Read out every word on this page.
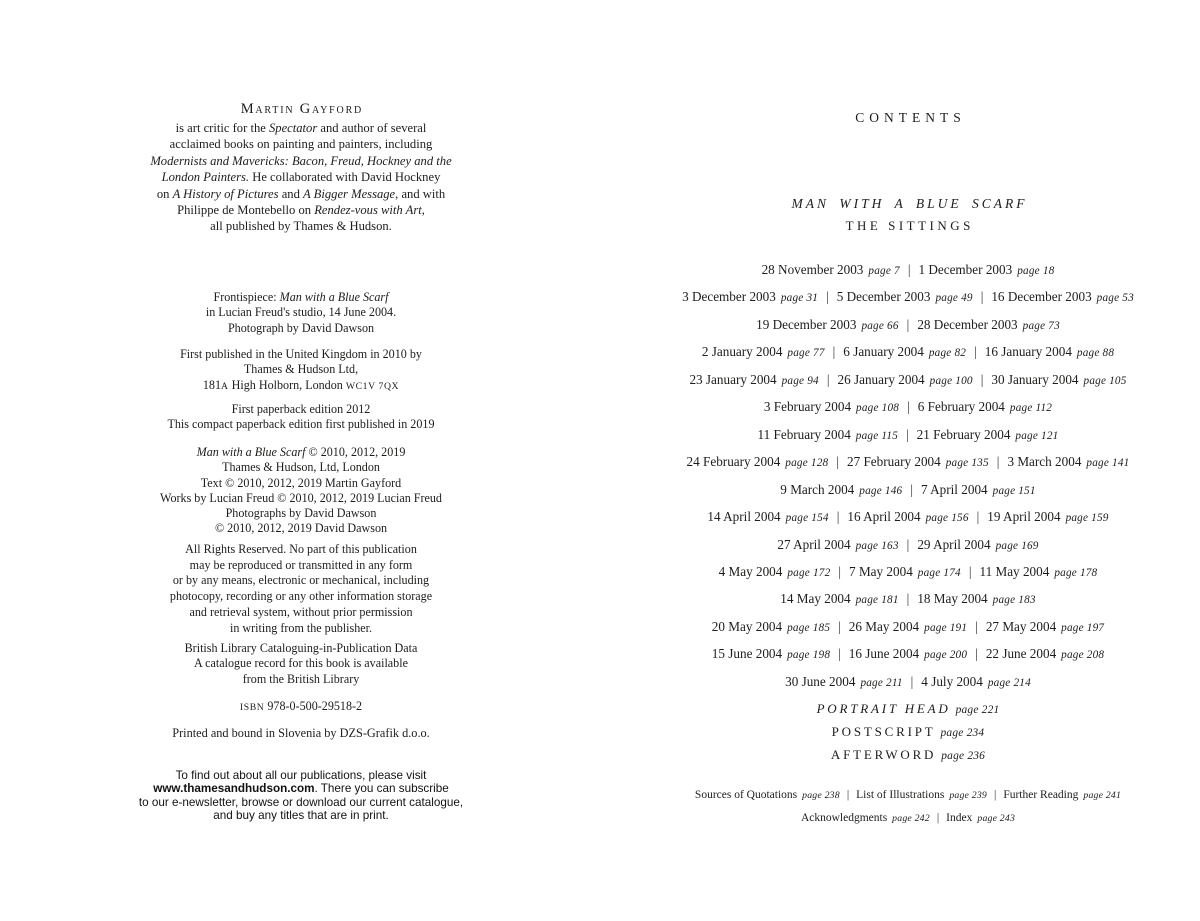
Martin Gayford
is art critic for the Spectator and author of several
acclaimed books on painting and painters, including
Modernists and Mavericks: Bacon, Freud, Hockney and the
London Painters. He collaborated with David Hockney
on A History of Pictures and A Bigger Message, and with
Philippe de Montebello on Rendez-vous with Art,
all published by Thames & Hudson.
Frontispiece: Man with a Blue Scarf
in Lucian Freud's studio, 14 June 2004.
Photograph by David Dawson
First published in the United Kingdom in 2010 by
Thames & Hudson Ltd,
181A High Holborn, London WC1V 7QX
First paperback edition 2012
This compact paperback edition first published in 2019
Man with a Blue Scarf © 2010, 2012, 2019
Thames & Hudson, Ltd, London
Text © 2010, 2012, 2019 Martin Gayford
Works by Lucian Freud © 2010, 2012, 2019 Lucian Freud
Photographs by David Dawson
© 2010, 2012, 2019 David Dawson
All Rights Reserved. No part of this publication
may be reproduced or transmitted in any form
or by any means, electronic or mechanical, including
photocopy, recording or any other information storage
and retrieval system, without prior permission
in writing from the publisher.
British Library Cataloguing-in-Publication Data
A catalogue record for this book is available
from the British Library
ISBN 978-0-500-29518-2
Printed and bound in Slovenia by DZS-Grafik d.o.o.
To find out about all our publications, please visit
www.thamesandhudson.com. There you can subscribe
to our e-newsletter, browse or download our current catalogue,
and buy any titles that are in print.
CONTENTS
MAN WITH A BLUE SCARF
THE SITTINGS
28 November 2003 page 7 | 1 December 2003 page 18
3 December 2003 page 31 | 5 December 2003 page 49 | 16 December 2003 page 53
19 December 2003 page 66 | 28 December 2003 page 73
2 January 2004 page 77 | 6 January 2004 page 82 | 16 January 2004 page 88
23 January 2004 page 94 | 26 January 2004 page 100 | 30 January 2004 page 105
3 February 2004 page 108 | 6 February 2004 page 112
11 February 2004 page 115 | 21 February 2004 page 121
24 February 2004 page 128 | 27 February 2004 page 135 | 3 March 2004 page 141
9 March 2004 page 146 | 7 April 2004 page 151
14 April 2004 page 154 | 16 April 2004 page 156 | 19 April 2004 page 159
27 April 2004 page 163 | 29 April 2004 page 169
4 May 2004 page 172 | 7 May 2004 page 174 | 11 May 2004 page 178
14 May 2004 page 181 | 18 May 2004 page 183
20 May 2004 page 185 | 26 May 2004 page 191 | 27 May 2004 page 197
15 June 2004 page 198 | 16 June 2004 page 200 | 22 June 2004 page 208
30 June 2004 page 211 | 4 July 2004 page 214
PORTRAIT HEAD page 221
POSTSCRIPT page 234
AFTERWORD page 236
Sources of Quotations page 238 | List of Illustrations page 239 | Further Reading page 241
Acknowledgments page 242 | Index page 243
